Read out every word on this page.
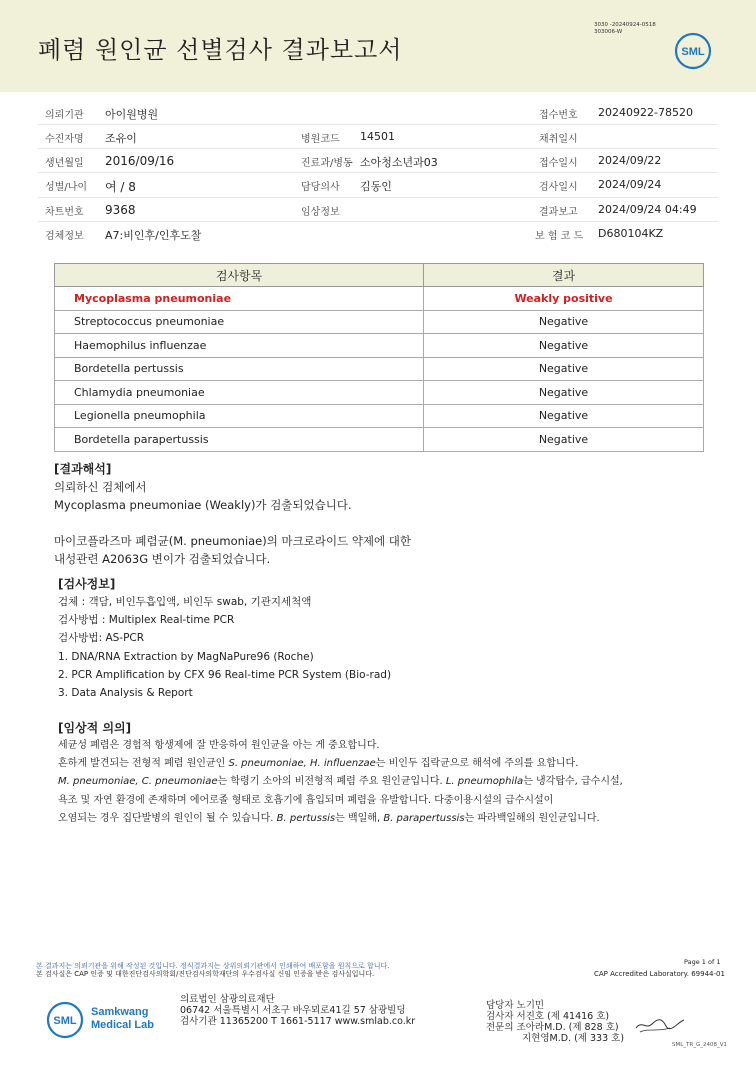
폐렴 원인균 선별검사 결과보고서
3030 -20240924-0518
303006-W
SML
의뢰기관 아이원병원	접수번호 20240922-78520
수진자명 조유이	병원코드 14501	채취일시
생년월일 2016/09/16	진료과/병동 소아청소년과03	접수일시 2024/09/22
성별/나이 여 / 8	담당의사 김동인	검사일시 2024/09/24
차트번호 9368	임상정보	결과보고 2024/09/24 04:49
검체정보 A7:비인후/인후도찰	보 험 코 드 D680104KZ
검사항목	결과
Mycoplasma pneumoniae	Weakly positive
Streptococcus pneumoniae	Negative
Haemophilus influenzae	Negative
Bordetella pertussis	Negative
Chlamydia pneumoniae	Negative
Legionella pneumophila	Negative
Bordetella parapertussis	Negative
[결과해석]
의뢰하신 검체에서
Mycoplasma pneumoniae (Weakly)가 검출되었습니다.
마이코플라즈마 폐렴균(M. pneumoniae)의 마크로라이드 약제에 대한
내성관련 A2063G 변이가 검출되었습니다.
[검사정보]
검체 : 객담, 비인두흡입액, 비인두 swab, 기관지세척액
검사방법 : Multiplex Real-time PCR
검사방법: AS-PCR
1. DNA/RNA Extraction by MagNaPure96 (Roche)
2. PCR Amplification by CFX 96 Real-time PCR System (Bio-rad)
3. Data Analysis & Report
[임상적 의의]
세균성 폐렴은 경험적 항생제에 잘 반응하여 원인균을 아는 게 중요합니다.
흔하게 발견되는 전형적 폐렴 원인균인 S. pneumoniae, H. influenzae는 비인두 집락균으로 해석에 주의를 요합니다.
M. pneumoniae, C. pneumoniae는 학령기 소아의 비전형적 폐렴 주요 원인균입니다. L. pneumophila는 냉각탑수, 급수시설,
욕조 및 자연 환경에 존재하며 에어로졸 형태로 호흡기에 흡입되며 폐렴을 유발합니다. 다중이용시설의 급수시설이
오염되는 경우 집단발병의 원인이 될 수 있습니다. B. pertussis는 백일해, B. parapertussis는 파라백일해의 원인균입니다.
본 결과지는 의뢰기관을 위해 작성된 것입니다. 정식결과지는 상위의뢰기관에서 인쇄하여 배포함을 원칙으로 합니다.
본 검사실은 CAP 인증 및 대한진단검사의학회/진단검사의학재단의 우수검사실 신임 인증을 받은 검사실입니다.
Page 1 of 1
CAP Accredited Laboratory. 69944-01
SML
Samkwang
Medical Lab
의료법인 삼광의료재단
06742 서울특별시 서초구 바우뫼로41길 57 삼광빌딩
검사기관 11365200 T 1661-5117 www.smlab.co.kr
담당자 노기민
검사자 서진호 (제 41416 호)
전문의 조아라M.D. (제 828 호)
지현영M.D. (제 333 호)
SML_TR_G_2408_V1
